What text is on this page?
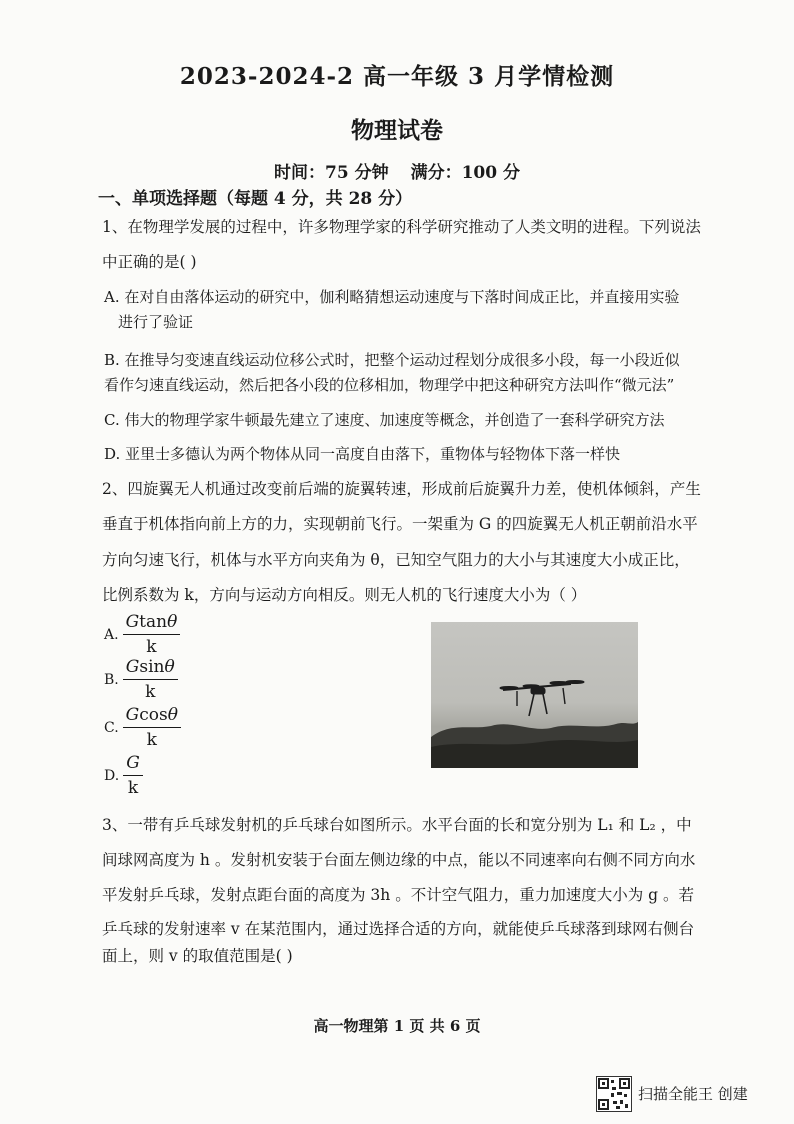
2023-2024-2 高一年级 3 月学情检测
物理试卷
时间：75 分钟 满分：100 分
一、单项选择题（每题 4 分，共 28 分）
1、在物理学发展的过程中，许多物理学家的科学研究推动了人类文明的进程。下列说法
中正确的是( )
A. 在对自由落体运动的研究中，伽利略猜想运动速度与下落时间成正比，并直接用实验
进行了验证
B. 在推导匀变速直线运动位移公式时，把整个运动过程划分成很多小段，每一小段近似
看作匀速直线运动，然后把各小段的位移相加，物理学中把这种研究方法叫作“微元法”
C. 伟大的物理学家牛顿最先建立了速度、加速度等概念，并创造了一套科学研究方法
D. 亚里士多德认为两个物体从同一高度自由落下，重物体与轻物体下落一样快
2、四旋翼无人机通过改变前后端的旋翼转速，形成前后旋翼升力差，使机体倾斜，产生
垂直于机体指向前上方的力，实现朝前飞行。一架重为 G 的四旋翼无人机正朝前沿水平
方向匀速飞行，机体与水平方向夹角为 θ，已知空气阻力的大小与其速度大小成正比，
比例系数为 k，方向与运动方向相反。则无人机的飞行速度大小为（ ）
A. $\frac{Gtan\theta}{k}$
B. $\frac{Gsin\theta}{k}$
C. $\frac{Gcos\theta}{k}$
D. $\frac{G}{k}$
3、一带有乒乓球发射机的乒乓球台如图所示。水平台面的长和宽分别为 L₁ 和 L₂ ，中
间球网高度为 h 。发射机安装于台面左侧边缘的中点，能以不同速率向右侧不同方向水
平发射乒乓球，发射点距台面的高度为 3h 。不计空气阻力，重力加速度大小为 g 。若
乒乓球的发射速率 v 在某范围内，通过选择合适的方向，就能使乒乓球落到球网右侧台
面上，则 v 的取值范围是( )
高一物理第 1 页 共 6 页
扫描全能王 创建
